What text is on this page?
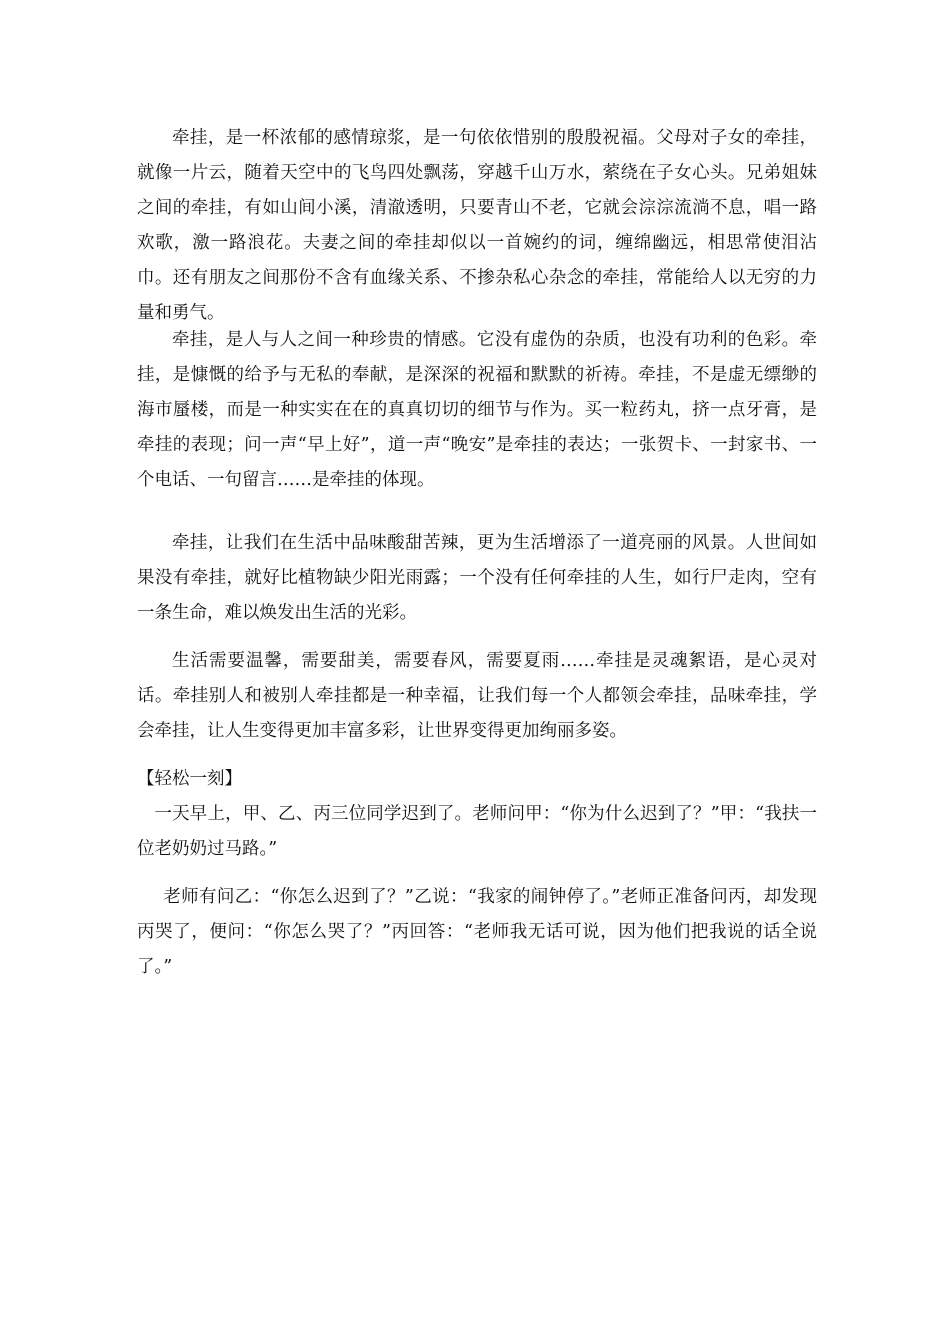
牵挂，是一杯浓郁的感情琼浆，是一句依依惜别的殷殷祝福。父母对子女的牵挂，就像一片云，随着天空中的飞鸟四处飘荡，穿越千山万水，萦绕在子女心头。兄弟姐妹之间的牵挂，有如山间小溪，清澈透明，只要青山不老，它就会淙淙流淌不息，唱一路欢歌，激一路浪花。夫妻之间的牵挂却似以一首婉约的词，缠绵幽远，相思常使泪沾巾。还有朋友之间那份不含有血缘关系、不掺杂私心杂念的牵挂，常能给人以无穷的力量和勇气。

牵挂，是人与人之间一种珍贵的情感。它没有虚伪的杂质，也没有功利的色彩。牵挂，是慷慨的给予与无私的奉献，是深深的祝福和默默的祈祷。牵挂，不是虚无缥缈的海市蜃楼，而是一种实实在在的真真切切的细节与作为。买一粒药丸，挤一点牙膏，是牵挂的表现；问一声“早上好”，道一声“晚安”是牵挂的表达；一张贺卡、一封家书、一个电话、一句留言……是牵挂的体现。

牵挂，让我们在生活中品味酸甜苦辣，更为生活增添了一道亮丽的风景。人世间如果没有牵挂，就好比植物缺少阳光雨露；一个没有任何牵挂的人生，如行尸走肉，空有一条生命，难以焕发出生活的光彩。

生活需要温馨，需要甜美，需要春风，需要夏雨……牵挂是灵魂絮语，是心灵对话。牵挂别人和被别人牵挂都是一种幸福，让我们每一个人都领会牵挂，品味牵挂，学会牵挂，让人生变得更加丰富多彩，让世界变得更加绚丽多姿。

【轻松一刻】

一天早上，甲、乙、丙三位同学迟到了。老师问甲：“你为什么迟到了？”甲：“我扶一位老奶奶过马路。”

老师有问乙：“你怎么迟到了？”乙说：“我家的闹钟停了。”老师正准备问丙，却发现丙哭了，便问：“你怎么哭了？”丙回答：“老师我无话可说，因为他们把我说的话全说了。”
